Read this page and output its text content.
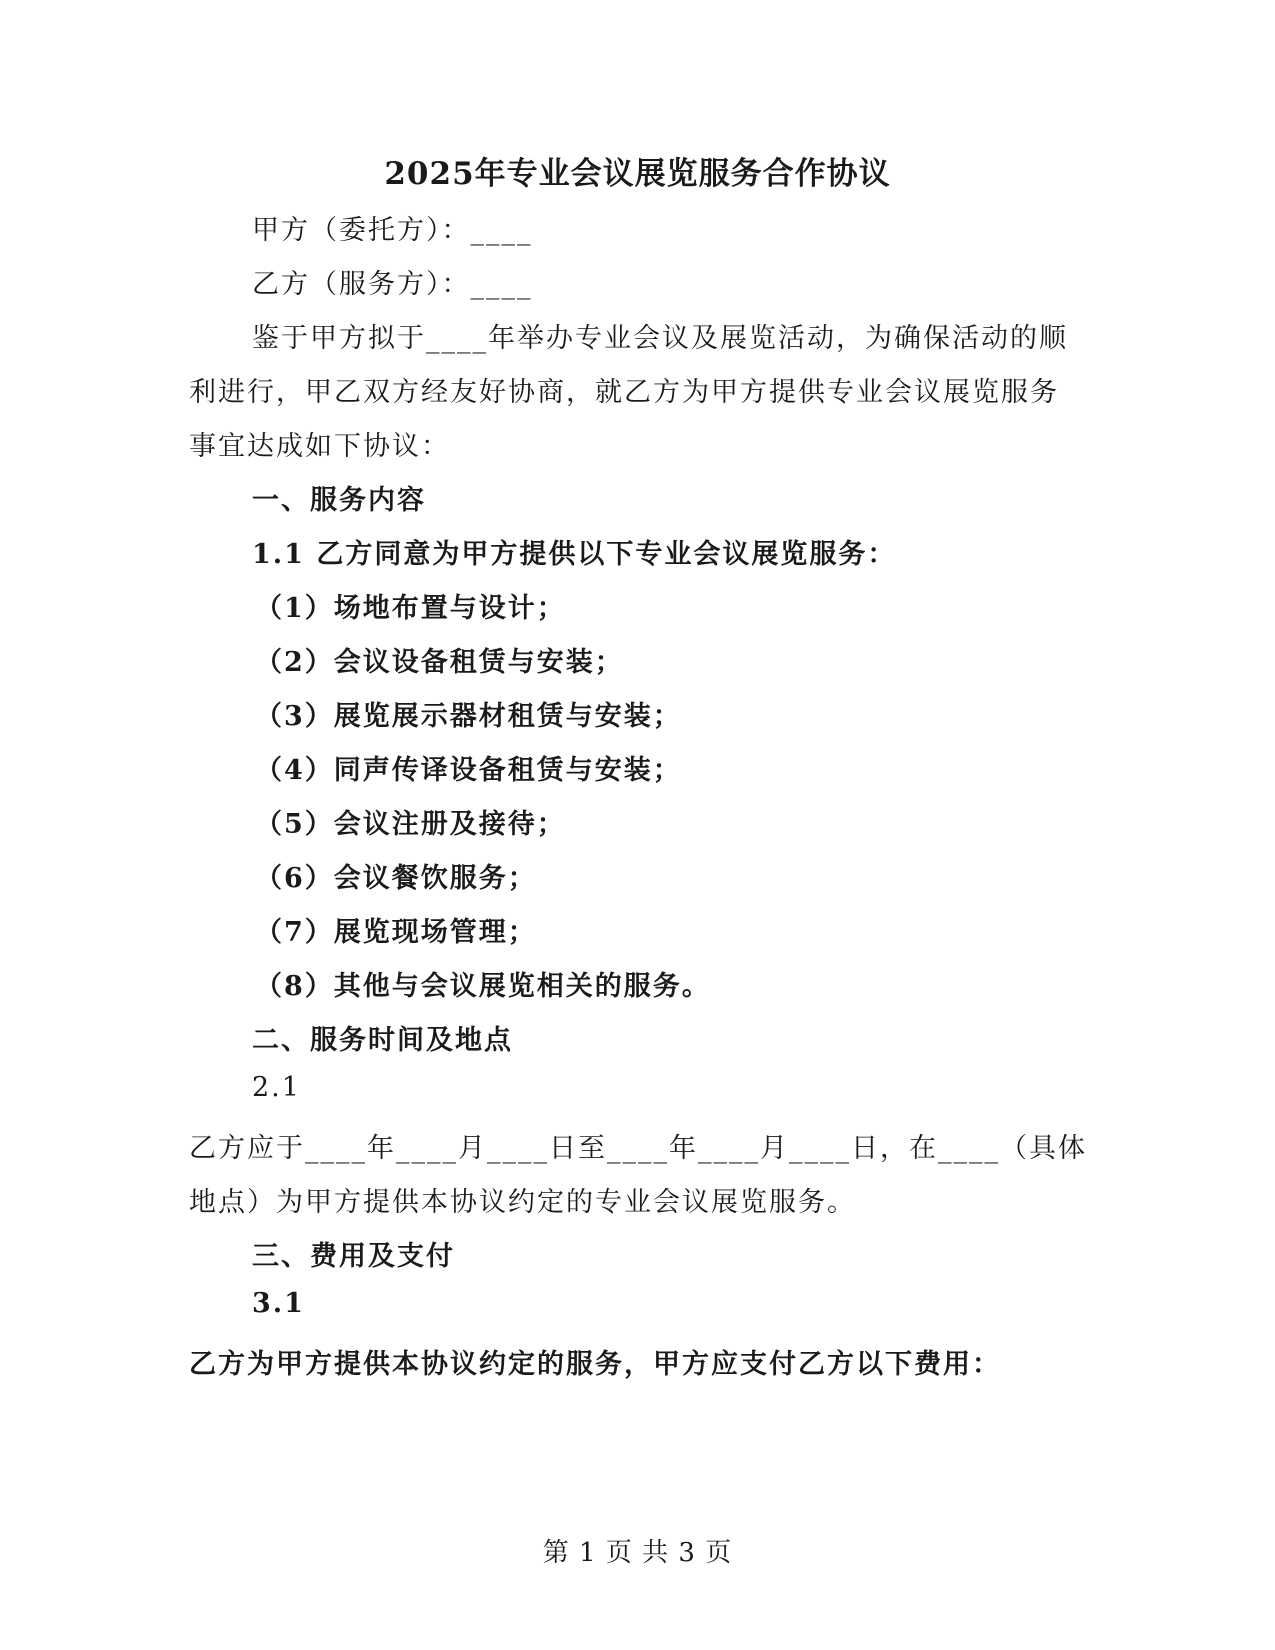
2025年专业会议展览服务合作协议
甲方（委托方）：____
乙方（服务方）：____
鉴于甲方拟于____年举办专业会议及展览活动，为确保活动的顺
利进行，甲乙双方经友好协商，就乙方为甲方提供专业会议展览服务
事宜达成如下协议：
一、服务内容
1.1 乙方同意为甲方提供以下专业会议展览服务：
（1）场地布置与设计；
（2）会议设备租赁与安装；
（3）展览展示器材租赁与安装；
（4）同声传译设备租赁与安装；
（5）会议注册及接待；
（6）会议餐饮服务；
（7）展览现场管理；
（8）其他与会议展览相关的服务。
二、服务时间及地点
2.1
乙方应于____年____月____日至____年____月____日，在____（具体
地点）为甲方提供本协议约定的专业会议展览服务。
三、费用及支付
3.1
乙方为甲方提供本协议约定的服务，甲方应支付乙方以下费用：
第 1 页 共 3 页
